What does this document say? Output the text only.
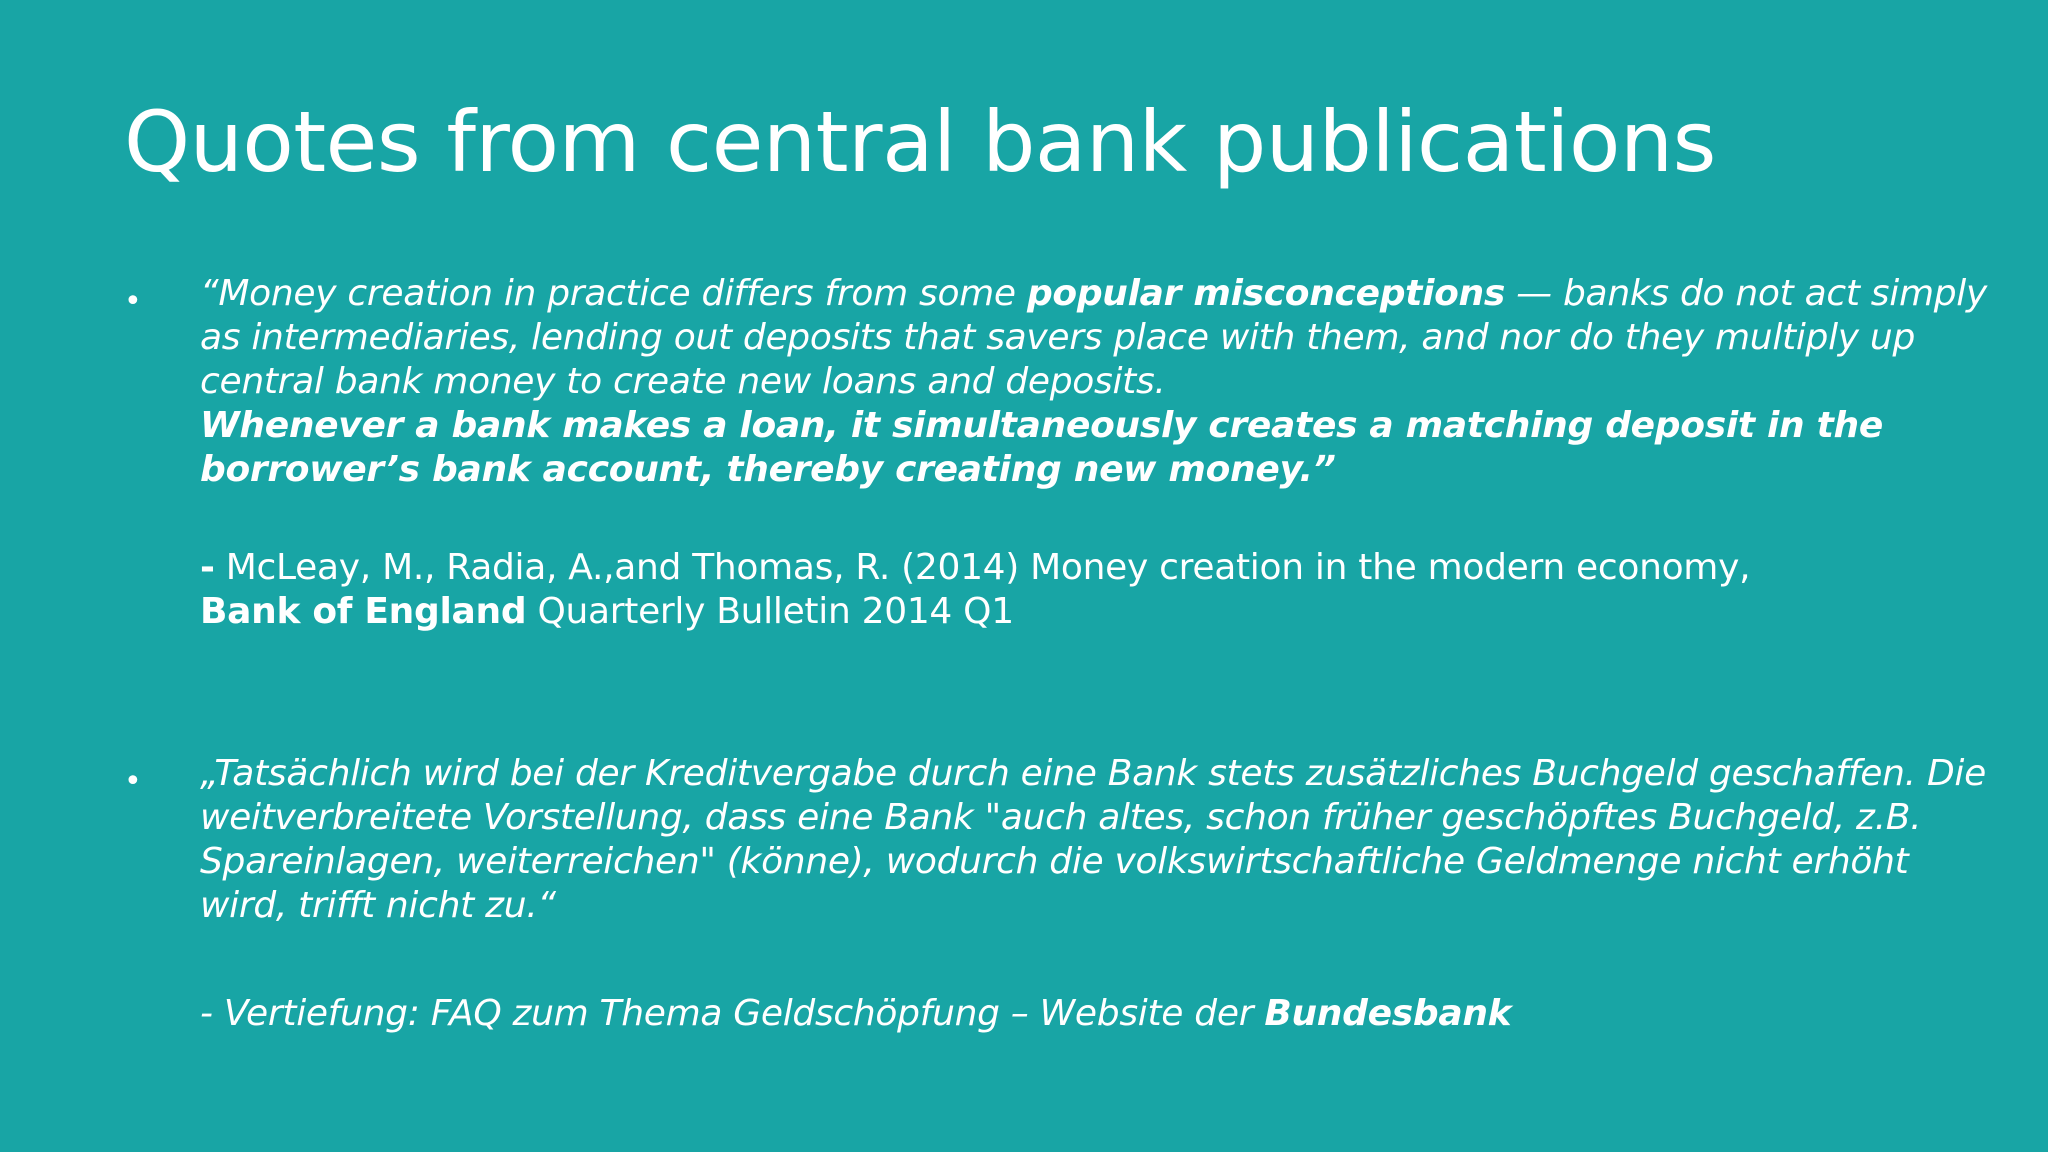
Quotes from central bank publications
• “Money creation in practice differs from some popular misconceptions — banks do not act simply as intermediaries, lending out deposits that savers place with them, and nor do they multiply up central bank money to create new loans and deposits.
Whenever a bank makes a loan, it simultaneously creates a matching deposit in the borrower’s bank account, thereby creating new money.”

- McLeay, M., Radia, A.,and Thomas, R. (2014) Money creation in the modern economy,
Bank of England Quarterly Bulletin 2014 Q1

• „Tatsächlich wird bei der Kreditvergabe durch eine Bank stets zusätzliches Buchgeld geschaffen. Die weitverbreitete Vorstellung, dass eine Bank "auch altes, schon früher geschöpftes Buchgeld, z.B. Spareinlagen, weiterreichen" (könne), wodurch die volkswirtschaftliche Geldmenge nicht erhöht wird, trifft nicht zu.“

- Vertiefung: FAQ zum Thema Geldschöpfung – Website der Bundesbank
